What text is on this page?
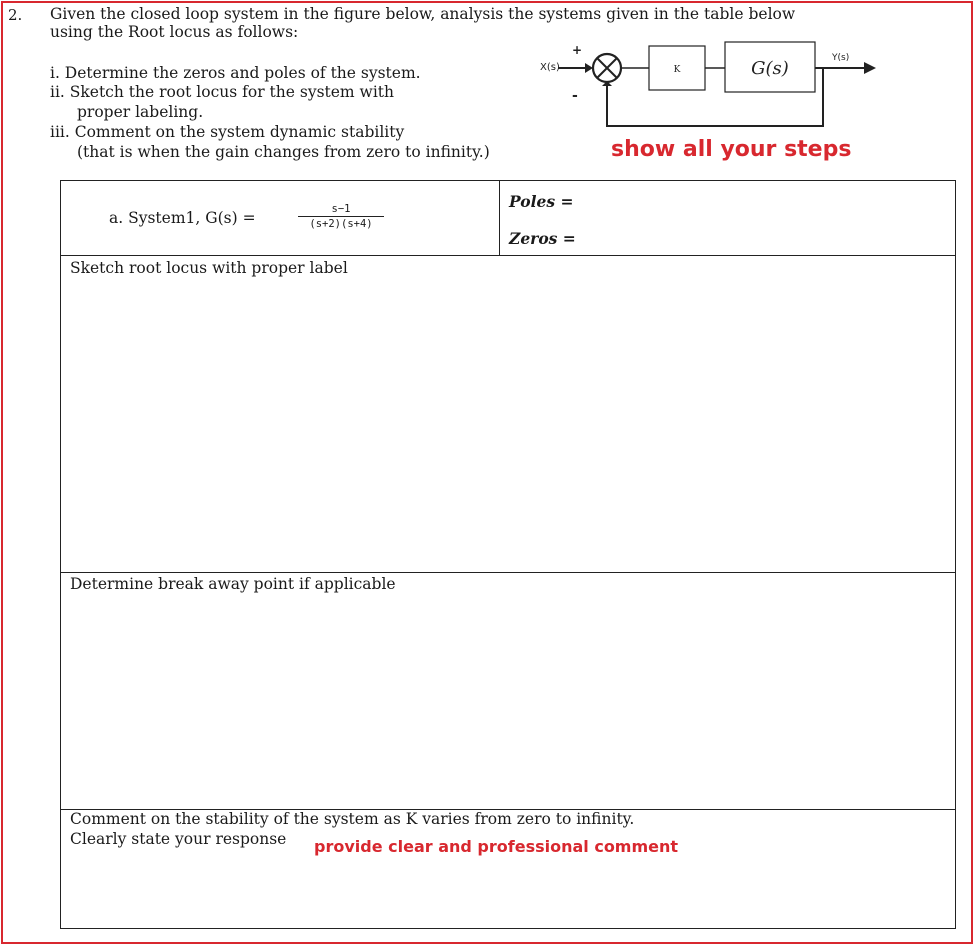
2. Given the closed loop system in the figure below, analysis the systems given in the table below
using the Root locus as follows:
i. Determine the zeros and poles of the system.
ii. Sketch the root locus for the system with
proper labeling.
iii. Comment on the system dynamic stability
(that is when the gain changes from zero to infinity.)	show all your steps
X(s)
+
-
K	G(s)	Y(s)
a. System1, G(s) =	$\frac{s-1}{(s+2)(s+4)}$
Poles =
Zeros =
Sketch root locus with proper label
Determine break away point if applicable
Comment on the stability of the system as K varies from zero to infinity.
Clearly state your response provide clear and professional comment
